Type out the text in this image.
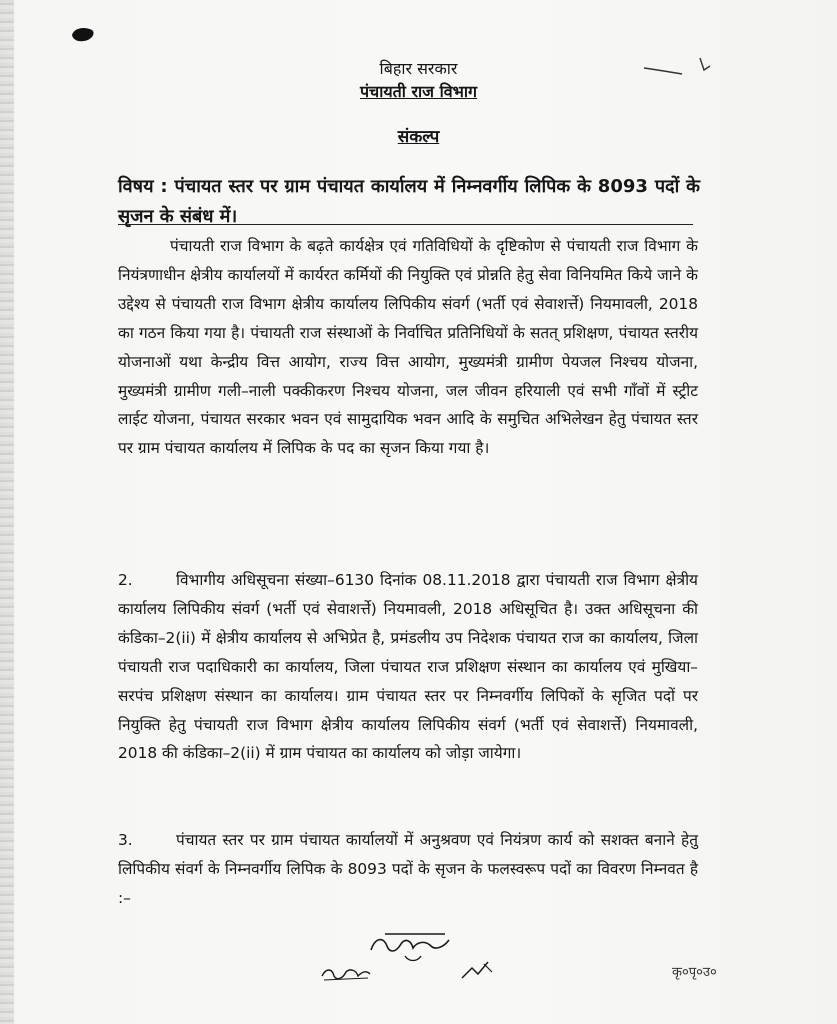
बिहार सरकार
पंचायती राज विभाग
संकल्प
विषय : पंचायत स्तर पर ग्राम पंचायत कार्यालय में निम्नवर्गीय लिपिक के 8093 पदों के सृजन के संबंध में।
पंचायती राज विभाग के बढ़ते कार्यक्षेत्र एवं गतिविधियों के दृष्टिकोण से पंचायती राज विभाग के नियंत्रणाधीन क्षेत्रीय कार्यालयों में कार्यरत कर्मियों की नियुक्ति एवं प्रोन्नति हेतु सेवा विनियमित किये जाने के उद्देश्य से पंचायती राज विभाग क्षेत्रीय कार्यालय लिपिकीय संवर्ग (भर्ती एवं सेवाशर्त्ते) नियमावली, 2018 का गठन किया गया है। पंचायती राज संस्थाओं के निर्वाचित प्रतिनिधियों के सतत् प्रशिक्षण, पंचायत स्तरीय योजनाओं यथा केन्द्रीय वित्त आयोग, राज्य वित्त आयोग, मुख्यमंत्री ग्रामीण पेयजल निश्चय योजना, मुख्यमंत्री ग्रामीण गली–नाली पक्कीकरण निश्चय योजना, जल जीवन हरियाली एवं सभी गाँवों में स्ट्रीट लाईट योजना, पंचायत सरकार भवन एवं सामुदायिक भवन आदि के समुचित अभिलेखन हेतु पंचायत स्तर पर ग्राम पंचायत कार्यालय में लिपिक के पद का सृजन किया गया है।
2.	विभागीय अधिसूचना संख्या–6130 दिनांक 08.11.2018 द्वारा पंचायती राज विभाग क्षेत्रीय कार्यालय लिपिकीय संवर्ग (भर्ती एवं सेवाशर्त्ते) नियमावली, 2018 अधिसूचित है। उक्त अधिसूचना की कंडिका–2(ii) में क्षेत्रीय कार्यालय से अभिप्रेत है, प्रमंडलीय उप निदेशक पंचायत राज का कार्यालय, जिला पंचायती राज पदाधिकारी का कार्यालय, जिला पंचायत राज प्रशिक्षण संस्थान का कार्यालय एवं मुखिया–सरपंच प्रशिक्षण संस्थान का कार्यालय। ग्राम पंचायत स्तर पर निम्नवर्गीय लिपिकों के सृजित पदों पर नियुक्ति हेतु पंचायती राज विभाग क्षेत्रीय कार्यालय लिपिकीय संवर्ग (भर्ती एवं सेवाशर्त्ते) नियमावली, 2018 की कंडिका–2(ii) में ग्राम पंचायत का कार्यालय को जोड़ा जायेगा।
3.	पंचायत स्तर पर ग्राम पंचायत कार्यालयों में अनुश्रवण एवं नियंत्रण कार्य को सशक्त बनाने हेतु लिपिकीय संवर्ग के निम्नवर्गीय लिपिक के 8093 पदों के सृजन के फलस्वरूप पदों का विवरण निम्नवत है :–
कृ०पृ०उ०
